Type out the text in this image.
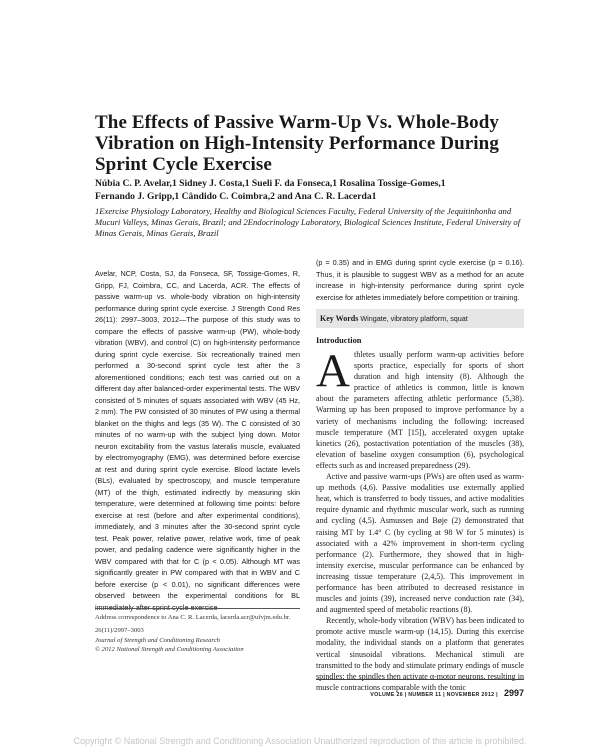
The Effects of Passive Warm-Up Vs. Whole-Body Vibration on High-Intensity Performance During Sprint Cycle Exercise
Núbia C. P. Avelar,1 Sidney J. Costa,1 Sueli F. da Fonseca,1 Rosalina Tossige-Gomes,1
Fernando J. Gripp,1 Cândido C. Coimbra,2 and Ana C. R. Lacerda1
1Exercise Physiology Laboratory, Healthy and Biological Sciences Faculty, Federal University of the Jequitinhonha and Mucuri Valleys, Minas Gerais, Brazil; and 2Endocrinology Laboratory, Biological Sciences Institute, Federal University of Minas Gerais, Minas Gerais, Brazil
Avelar, NCP, Costa, SJ, da Fonseca, SF, Tossige-Gomes, R, Gripp, FJ, Coimbra, CC, and Lacerda, ACR. The effects of passive warm-up vs. whole-body vibration on high-intensity performance during sprint cycle exercise. J Strength Cond Res 26(11): 2997–3003, 2012—The purpose of this study was to compare the effects of passive warm-up (PW), whole-body vibration (WBV), and control (C) on high-intensity performance during sprint cycle exercise. Six recreationally trained men performed a 30-second sprint cycle test after the 3 aforementioned conditions; each test was carried out on a different day after balanced-order experimental tests. The WBV consisted of 5 minutes of squats associated with WBV (45 Hz, 2 mm). The PW consisted of 30 minutes of PW using a thermal blanket on the thighs and legs (35 W). The C consisted of 30 minutes of no warm-up with the subject lying down. Motor neuron excitability from the vastus lateralis muscle, evaluated by electromyography (EMG), was determined before exercise at rest and during sprint cycle exercise. Blood lactate levels (BLs), evaluated by spectroscopy, and muscle temperature (MT) of the thigh, estimated indirectly by measuring skin temperature, were determined at following time points: before exercise at rest (before and after experimental conditions), immediately, and 3 minutes after the 30-second sprint cycle test. Peak power, relative power, relative work, time of peak power, and pedaling cadence were significantly higher in the WBV compared with that for C (p < 0.05). Although MT was significantly greater in PW compared with that in WBV and C before exercise (p < 0.01), no significant differences were observed between the experimental conditions for BL immediately after sprint cycle exercise
(p = 0.35) and in EMG during sprint cycle exercise (p = 0.16). Thus, it is plausible to suggest WBV as a method for an acute increase in high-intensity performance during sprint cycle exercise for athletes immediately before competition or training.
Key Words Wingate, vibratory platform, squat
Introduction

Athletes usually perform warm-up activities before sports practice, especially for sports of short duration and high intensity (8). Although the practice of athletics is common, little is known about the parameters affecting athletic performance (5,38). Warming up has been proposed to improve performance by a variety of mechanisms including the following: increased muscle temperature (MT [15]), accelerated oxygen uptake kinetics (26), postactivation potentiation of the muscles (38), elevation of baseline oxygen consumption (6), psychological effects such as and increased preparedness (29).

Active and passive warm-ups (PWs) are often used as warm-up methods (4,6). Passive modalities use externally applied heat, which is transferred to body tissues, and active modalities require dynamic and rhythmic muscular work, such as running and cycling (4,5). Asmussen and Bøje (2) demonstrated that raising MT by 1.4° C (by cycling at 98 W for 5 minutes) is associated with a 42% improvement in short-term cycling performance (2). Furthermore, they showed that in high-intensity exercise, muscular performance can be enhanced by increasing tissue temperature (2,4,5). This improvement in performance has been attributed to decreased resistance in muscles and joints (39), increased nerve conduction rate (34), and augmented speed of metabolic reactions (8).

Recently, whole-body vibration (WBV) has been indicated to promote active muscle warm-up (14,15). During this exercise modality, the individual stands on a platform that generates vertical sinusoidal vibrations. Mechanical stimuli are transmitted to the body and stimulate primary endings of muscle spindles; the spindles then activate α-motor neurons, resulting in muscle contractions comparable with the tonic

Address correspondence to Ana C. R. Lacerda, lacerda.acr@ufvjm.edu.br.

26(11)/2997–3003

Journal of Strength and Conditioning Research

© 2012 National Strength and Conditioning Association

VOLUME 26 | NUMBER 11 | NOVEMBER 2012 | 2997
Copyright © National Strength and Conditioning Association Unauthorized reproduction of this article is prohibited.
